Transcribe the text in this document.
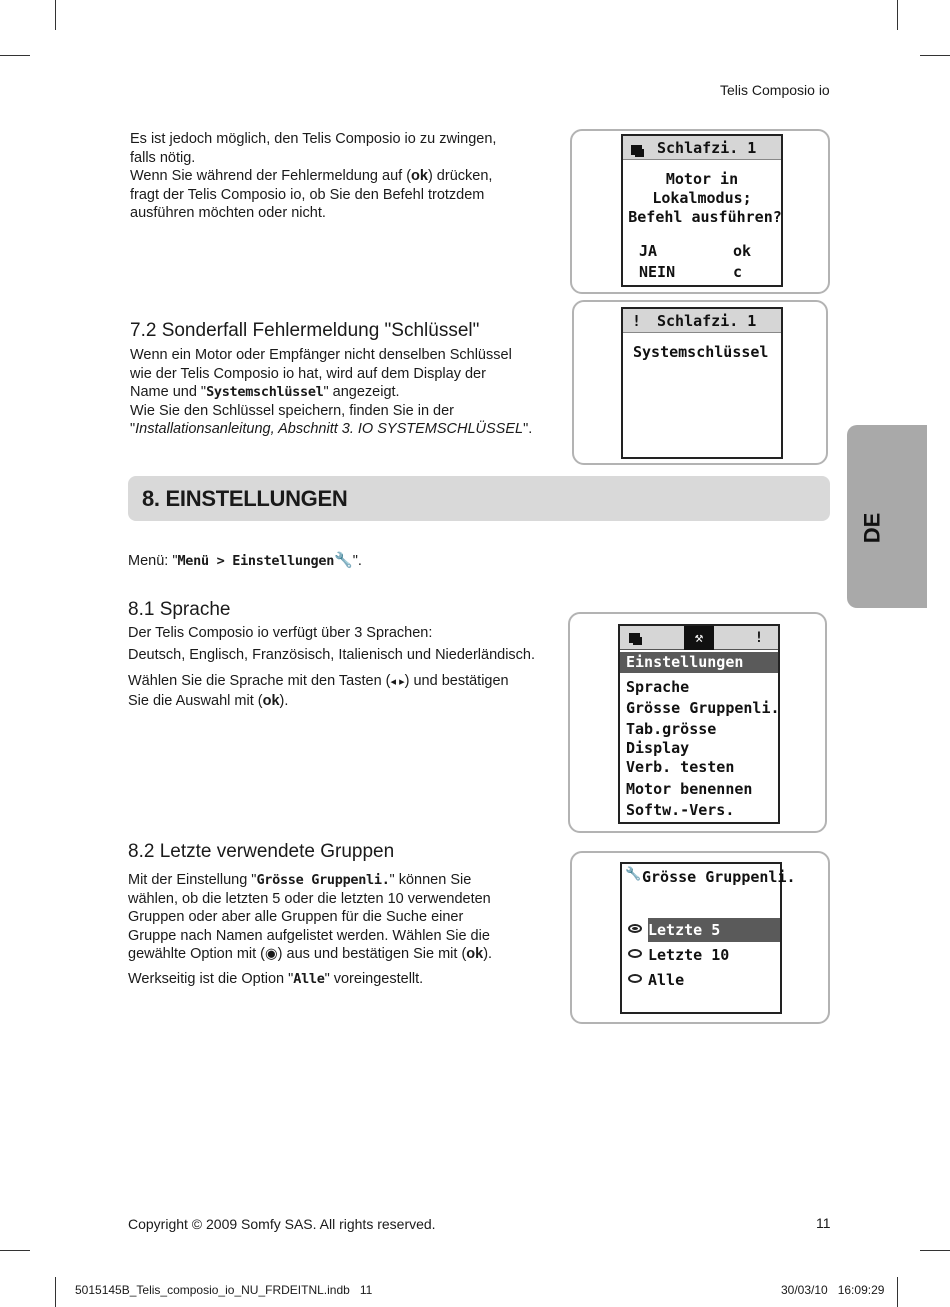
Telis Composio io
DE
Es ist jedoch möglich, den Telis Composio io zu zwingen,
falls nötig.
Wenn Sie während der Fehlermeldung auf (ok) drücken,
fragt der Telis Composio io, ob Sie den Befehl trotzdem
ausführen möchten oder nicht.
Schlafzi. 1
Motor in
Lokalmodus;
Befehl ausführen?
JA	ok
NEIN	c
7.2 Sonderfall Fehlermeldung "Schlüssel"
Wenn ein Motor oder Empfänger nicht denselben Schlüssel
wie der Telis Composio io hat, wird auf dem Display der
Name und "Systemschlüssel" angezeigt.
Wie Sie den Schlüssel speichern, finden Sie in der
"Installationsanleitung, Abschnitt 3. IO SYSTEMSCHLÜSSEL".
! Schlafzi. 1
Systemschlüssel
8. EINSTELLUNGEN
Menü: "Menü > Einstellungen🔧".
8.1 Sprache
Der Telis Composio io verfügt über 3 Sprachen:
Deutsch, Englisch, Französisch, Italienisch und Niederländisch.
Wählen Sie die Sprache mit den Tasten (◂ ▸) und bestätigen
Sie die Auswahl mit (ok).
⚒	!
Einstellungen
Sprache
Grösse Gruppenli.
Tab.grösse
Display
Verb. testen
Motor benennen
Softw.-Vers.
8.2 Letzte verwendete Gruppen
Mit der Einstellung "Grösse Gruppenli." können Sie
wählen, ob die letzten 5 oder die letzten 10 verwendeten
Gruppen oder aber alle Gruppen für die Suche einer
Gruppe nach Namen aufgelistet werden. Wählen Sie die
gewählte Option mit (◉) aus und bestätigen Sie mit (ok).
Werkseitig ist die Option "Alle" voreingestellt.
🔧 Grösse Gruppenli.
Letzte 5
Letzte 10
Alle
Copyright © 2009 Somfy SAS. All rights reserved.	11
5015145B_Telis_composio_io_NU_FRDEITNL.indb   11	30/03/10   16:09:29
